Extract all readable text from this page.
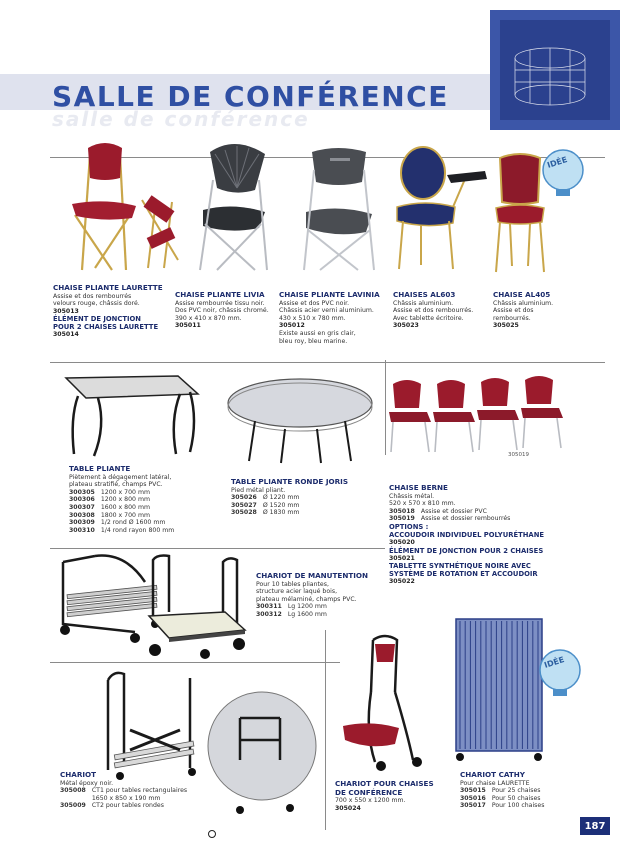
SALLE DE CONFÉRENCE
salle de conférence
IDÉE
CHAISE PLIANTE LAURETTE
Assise et dos rembourrés
velours rouge, châssis doré.
305013
ÉLÉMENT DE JONCTION
POUR 2 CHAISES LAURETTE
305014
CHAISE PLIANTE LIVIA
Assise rembourrée tissu noir.
Dos PVC noir, châssis chromé.
390 x 410 x 870 mm.
305011
CHAISE PLIANTE LAVINIA
Assise et dos PVC noir.
Châssis acier verni aluminium.
430 x 510 x 780 mm.
305012
Existe aussi en gris clair,
bleu roy, bleu marine.
CHAISES AL603
Châssis aluminium.
Assise et dos rembourrés.
Avec tablette écritoire.
305023
CHAISE AL405
Châssis aluminium.
Assise et dos
rembourrés.
305025
305019
TABLE PLIANTE
Piètement à dégagement latéral,
plateau stratifié, champs PVC.
300305	1200 x 700 mm
300306	1200 x 800 mm
300307	1600 x 800 mm
300308	1800 x 700 mm
300309	1/2 rond Ø 1600 mm
300310	1/4 rond rayon 800 mm
TABLE PLIANTE RONDE JORIS
Pied métal pliant.
305026	Ø 1220 mm
305027	Ø 1520 mm
305028	Ø 1830 mm
CHAISE BERNE
Châssis métal.
520 x 570 x 810 mm.
305018	Assise et dossier PVC
305019	Assise et dossier rembourrés
OPTIONS :
ACCOUDOIR INDIVIDUEL POLYURÉTHANE
305020
ÉLÉMENT DE JONCTION POUR 2 CHAISES
305021
TABLETTE SYNTHÉTIQUE NOIRE AVEC SYSTÈME DE ROTATION ET ACCOUDOIR
305022
CHARIOT DE MANUTENTION
Pour 10 tables pliantes,
structure acier laqué bois,
plateau mélaminé, champs PVC.
300311	Lg 1200 mm
300312	Lg 1600 mm
CHARIOT
Métal époxy noir.
305008	CT1 pour tables rectangulaires
	1650 x 850 x 190 mm
305009	CT2 pour tables rondes
CHARIOT POUR CHAISES
DE CONFÉRENCE
700 x 550 x 1200 mm.
305024
IDÉE
CHARIOT CATHY
Pour chaise LAURETTE
305015	Pour 25 chaises
305016	Pour 50 chaises
305017	Pour 100 chaises
187
